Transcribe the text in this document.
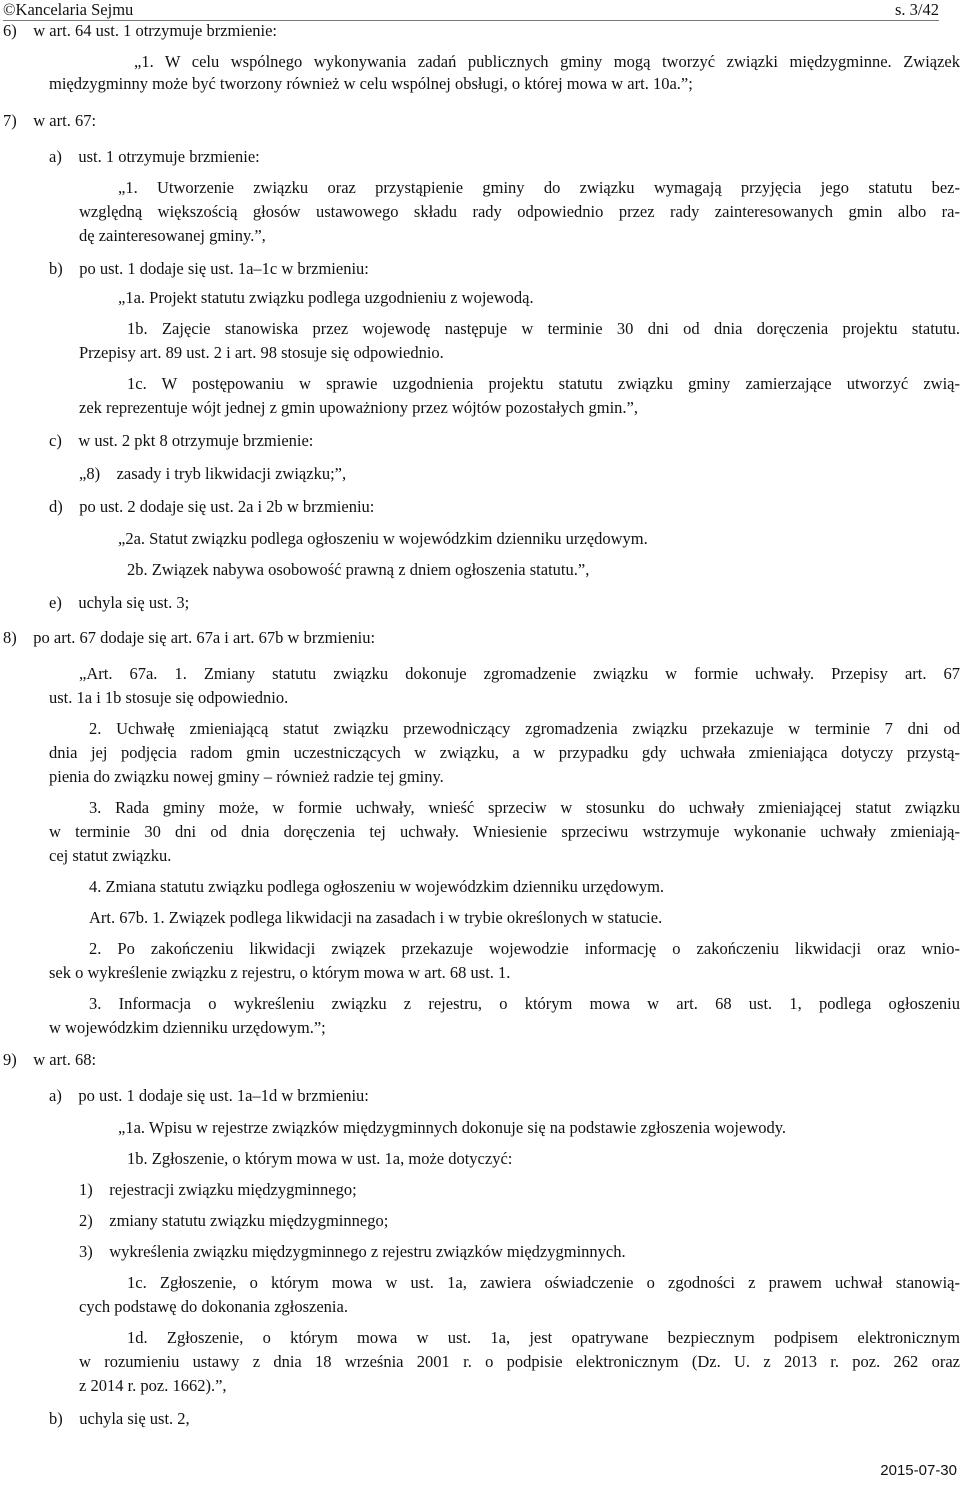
©Kancelaria Sejmu	s. 3/42
6) w art. 64 ust. 1 otrzymuje brzmienie:
„1. W celu wspólnego wykonywania zadań publicznych gminy mogą tworzyć związki międzygminne. Związek
międzygminny może być tworzony również w celu wspólnej obsługi, o której mowa w art. 10a.”;
7) w art. 67:
a) ust. 1 otrzymuje brzmienie:
„1. Utworzenie związku oraz przystąpienie gminy do związku wymagają przyjęcia jego statutu bez-
względną większością głosów ustawowego składu rady odpowiednio przez rady zainteresowanych gmin albo ra-
dę zainteresowanej gminy.”,
b) po ust. 1 dodaje się ust. 1a–1c w brzmieniu:
„1a. Projekt statutu związku podlega uzgodnieniu z wojewodą.
1b. Zajęcie stanowiska przez wojewodę następuje w terminie 30 dni od dnia doręczenia projektu statutu.
Przepisy art. 89 ust. 2 i art. 98 stosuje się odpowiednio.
1c. W postępowaniu w sprawie uzgodnienia projektu statutu związku gminy zamierzające utworzyć zwią-
zek reprezentuje wójt jednej z gmin upoważniony przez wójtów pozostałych gmin.”,
c) w ust. 2 pkt 8 otrzymuje brzmienie:
„8) zasady i tryb likwidacji związku;”,
d) po ust. 2 dodaje się ust. 2a i 2b w brzmieniu:
„2a. Statut związku podlega ogłoszeniu w wojewódzkim dzienniku urzędowym.
2b. Związek nabywa osobowość prawną z dniem ogłoszenia statutu.”,
e) uchyla się ust. 3;
8) po art. 67 dodaje się art. 67a i art. 67b w brzmieniu:
„Art. 67a. 1. Zmiany statutu związku dokonuje zgromadzenie związku w formie uchwały. Przepisy art. 67
ust. 1a i 1b stosuje się odpowiednio.
2. Uchwałę zmieniającą statut związku przewodniczący zgromadzenia związku przekazuje w terminie 7 dni od
dnia jej podjęcia radom gmin uczestniczących w związku, a w przypadku gdy uchwała zmieniająca dotyczy przystą-
pienia do związku nowej gminy – również radzie tej gminy.
3. Rada gminy może, w formie uchwały, wnieść sprzeciw w stosunku do uchwały zmieniającej statut związku
w terminie 30 dni od dnia doręczenia tej uchwały. Wniesienie sprzeciwu wstrzymuje wykonanie uchwały zmieniają-
cej statut związku.
4. Zmiana statutu związku podlega ogłoszeniu w wojewódzkim dzienniku urzędowym.
Art. 67b. 1. Związek podlega likwidacji na zasadach i w trybie określonych w statucie.
2. Po zakończeniu likwidacji związek przekazuje wojewodzie informację o zakończeniu likwidacji oraz wnio-
sek o wykreślenie związku z rejestru, o którym mowa w art. 68 ust. 1.
3. Informacja o wykreśleniu związku z rejestru, o którym mowa w art. 68 ust. 1, podlega ogłoszeniu
w wojewódzkim dzienniku urzędowym.”;
9) w art. 68:
a) po ust. 1 dodaje się ust. 1a–1d w brzmieniu:
„1a. Wpisu w rejestrze związków międzygminnych dokonuje się na podstawie zgłoszenia wojewody.
1b. Zgłoszenie, o którym mowa w ust. 1a, może dotyczyć:
1) rejestracji związku międzygminnego;
2) zmiany statutu związku międzygminnego;
3) wykreślenia związku międzygminnego z rejestru związków międzygminnych.
1c. Zgłoszenie, o którym mowa w ust. 1a, zawiera oświadczenie o zgodności z prawem uchwał stanowią-
cych podstawę do dokonania zgłoszenia.
1d. Zgłoszenie, o którym mowa w ust. 1a, jest opatrywane bezpiecznym podpisem elektronicznym
w rozumieniu ustawy z dnia 18 września 2001 r. o podpisie elektronicznym (Dz. U. z 2013 r. poz. 262 oraz
z 2014 r. poz. 1662).”,
b) uchyla się ust. 2,
2015-07-30
